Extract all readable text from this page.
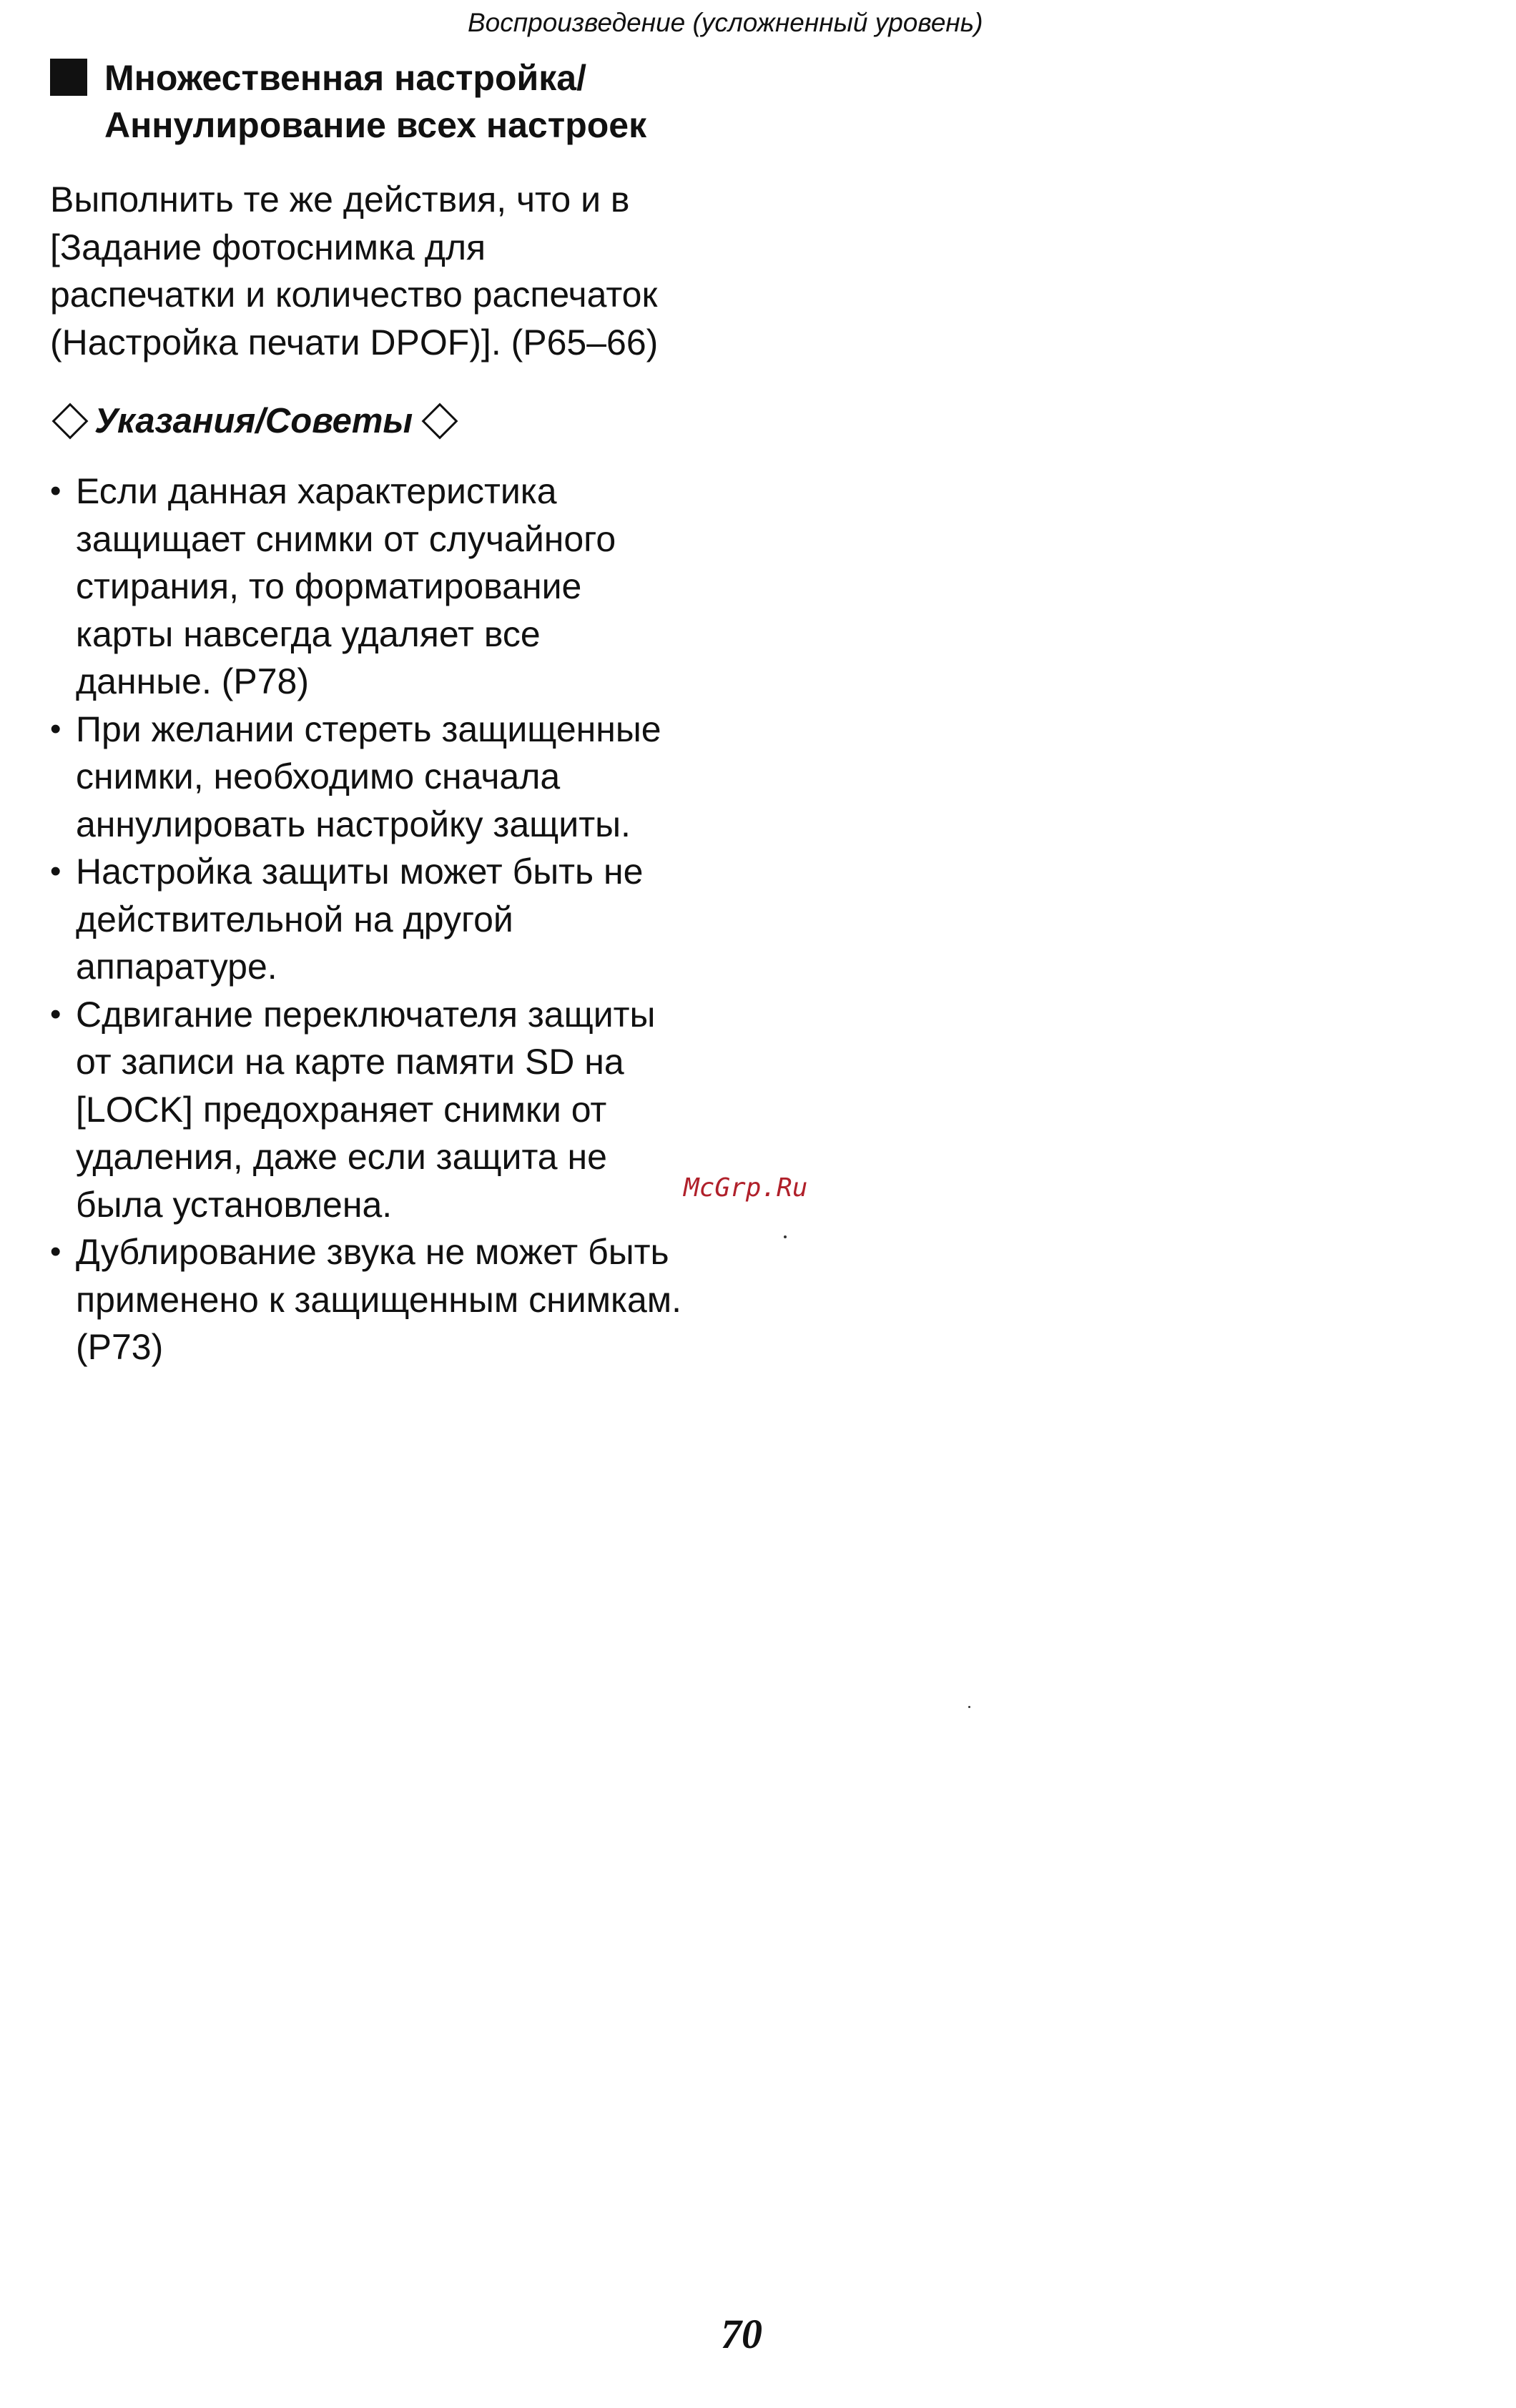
Воспроизведение (усложненный уровень)
Множественная настройка/
Аннулирование всех настроек

Выполнить те же действия, что и в
[Задание фотоснимка для
распечатки и количество распечаток
(Настройка печати DPOF)]. (P65–66)

Указания/Советы
• Если данная характеристика
защищает снимки от случайного
стирания, то форматирование
карты навсегда удаляет все
данные. (P78)
• При желании стереть защищенные
снимки, необходимо сначала
аннулировать настройку защиты.
• Настройка защиты может быть не
действительной на другой
аппаратуре.
• Сдвигание переключателя защиты
от записи на карте памяти SD на
[LOCK] предохраняет снимки от
удаления, даже если защита не
была установлена.
• Дублирование звука не может быть
применено к защищенным снимкам.
(P73)
McGrp.Ru
70
